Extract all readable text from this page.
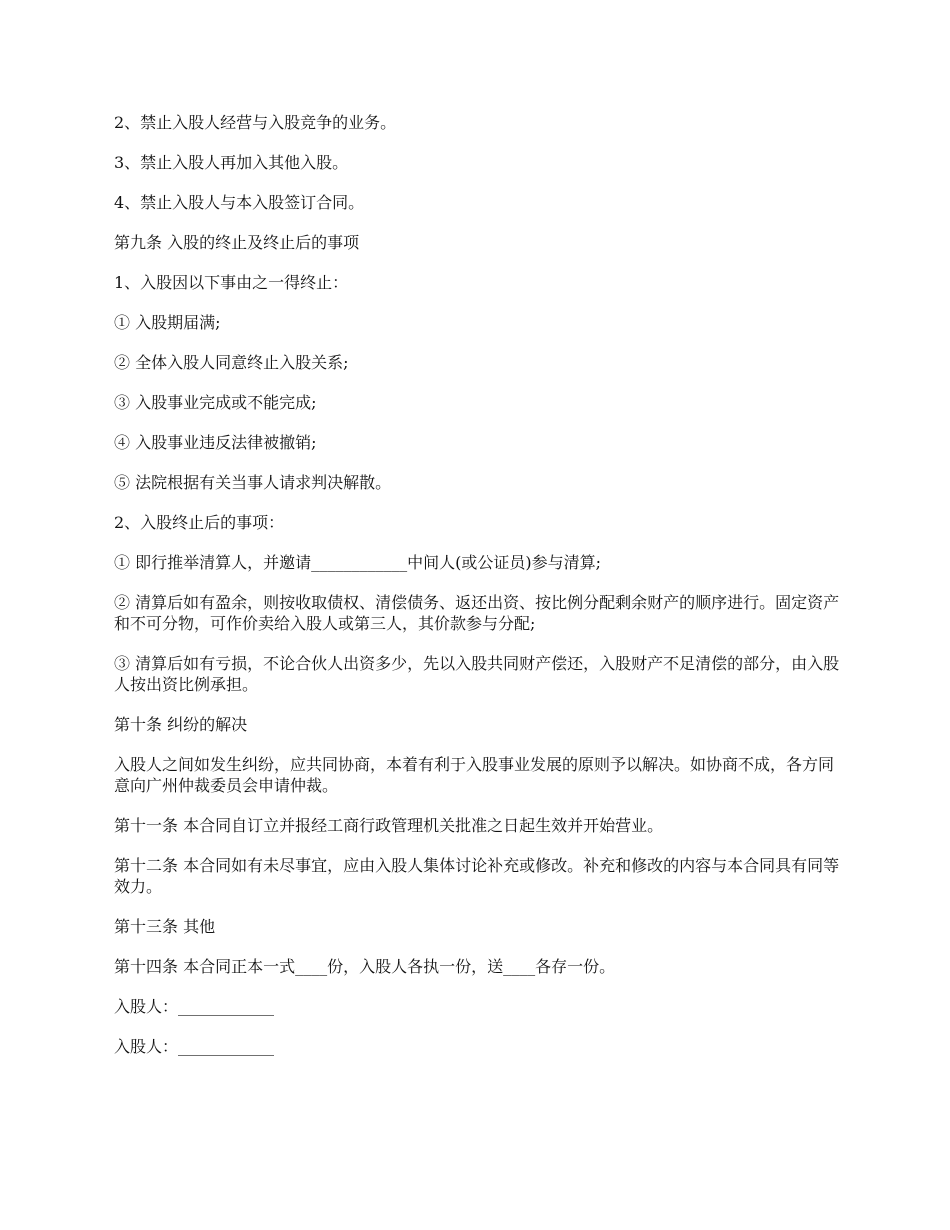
2、禁止入股人经营与入股竞争的业务。

3、禁止入股人再加入其他入股。

4、禁止入股人与本入股签订合同。

第九条 入股的终止及终止后的事项

1、入股因以下事由之一得终止：

① 入股期届满;

② 全体入股人同意终止入股关系;

③ 入股事业完成或不能完成;

④ 入股事业违反法律被撤销;

⑤ 法院根据有关当事人请求判决解散。

2、入股终止后的事项：

① 即行推举清算人，并邀请____________中间人(或公证员)参与清算;

② 清算后如有盈余，则按收取债权、清偿债务、返还出资、按比例分配剩余财产的顺序进行。固定资产和不可分物，可作价卖给入股人或第三人，其价款参与分配;

③ 清算后如有亏损，不论合伙人出资多少，先以入股共同财产偿还，入股财产不足清偿的部分，由入股人按出资比例承担。

第十条 纠纷的解决

入股人之间如发生纠纷，应共同协商，本着有利于入股事业发展的原则予以解决。如协商不成，各方同意向广州仲裁委员会申请仲裁。

第十一条 本合同自订立并报经工商行政管理机关批准之日起生效并开始营业。

第十二条 本合同如有未尽事宜，应由入股人集体讨论补充或修改。补充和修改的内容与本合同具有同等效力。

第十三条 其他

第十四条 本合同正本一式____份，入股人各执一份，送____各存一份。

入股人：____________

入股人：____________
